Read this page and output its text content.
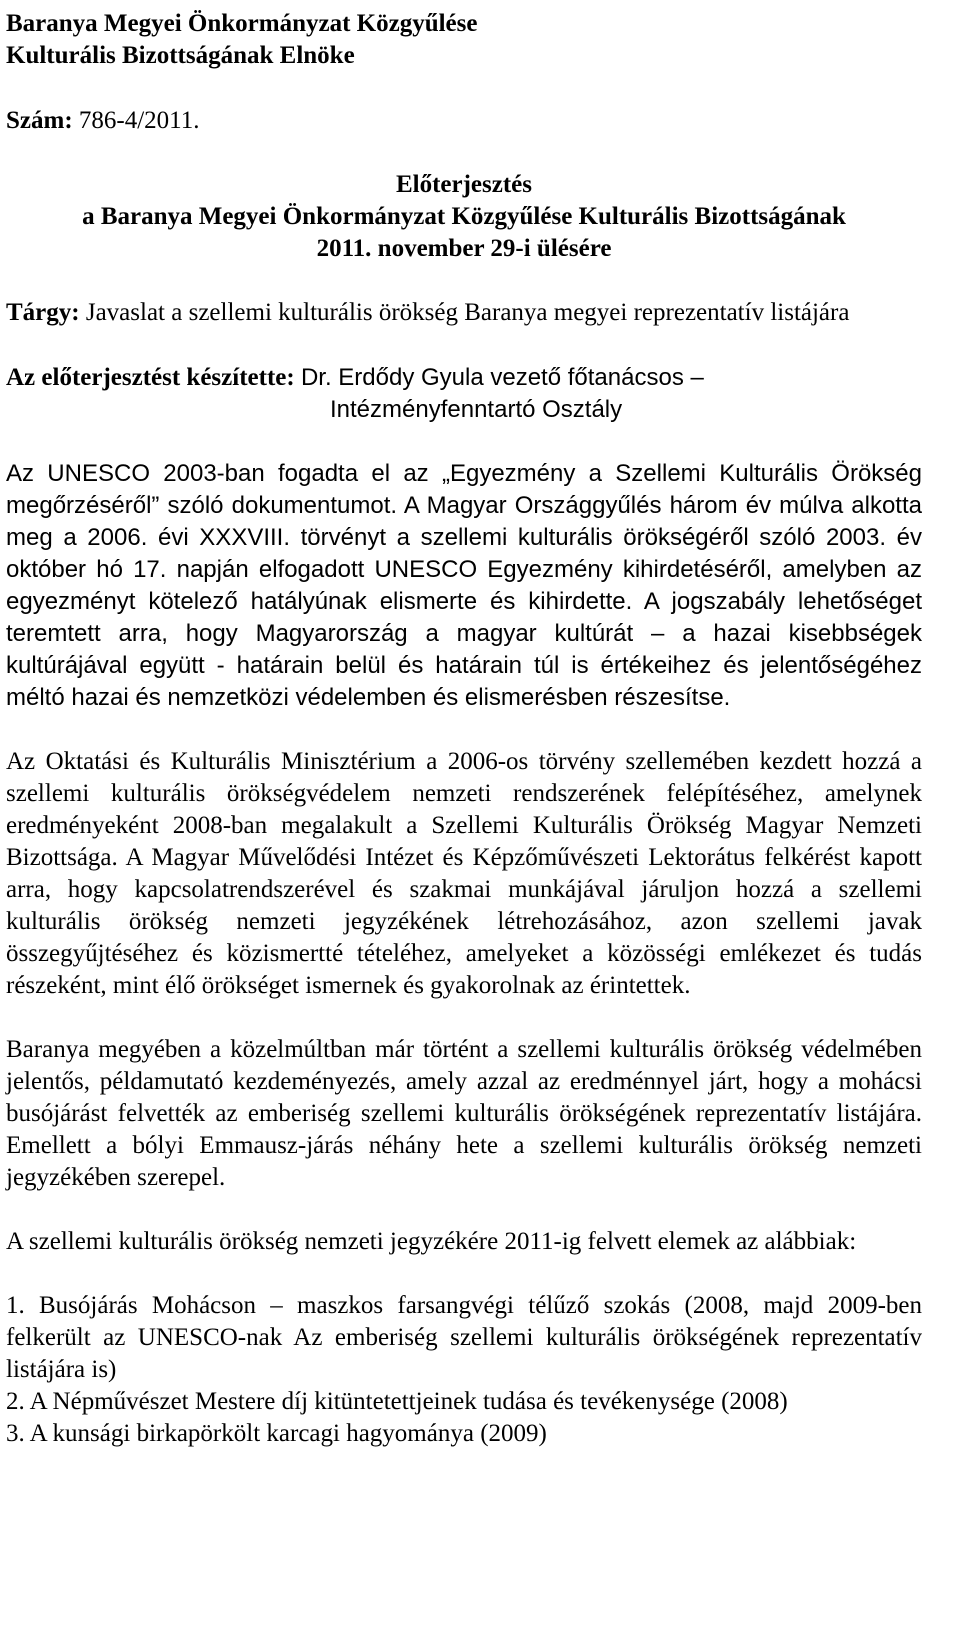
Baranya Megyei Önkormányzat Közgyűlése

Kulturális Bizottságának Elnöke

Szám: 786-4/2011.

Előterjesztés

a Baranya Megyei Önkormányzat Közgyűlése Kulturális Bizottságának

2011. november 29-i ülésére

Tárgy: Javaslat a szellemi kulturális örökség Baranya megyei reprezentatív listájára

Az előterjesztést készítette: Dr. Erdődy Gyula vezető főtanácsos –

Intézményfenntartó Osztály

Az UNESCO 2003-ban fogadta el az „Egyezmény a Szellemi Kulturális Örökség megőrzéséről” szóló dokumentumot. A Magyar Országgyűlés három év múlva alkotta meg a 2006. évi XXXVIII. törvényt a szellemi kulturális örökségéről szóló 2003. év október hó 17. napján elfogadott UNESCO Egyezmény kihirdetéséről, amelyben az egyezményt kötelező hatályúnak elismerte és kihirdette. A jogszabály lehetőséget teremtett arra, hogy Magyarország a magyar kultúrát – a hazai kisebbségek kultúrájával együtt - határain belül és határain túl is értékeihez és jelentőségéhez méltó hazai és nemzetközi védelemben és elismerésben részesítse.

Az Oktatási és Kulturális Minisztérium a 2006-os törvény szellemében kezdett hozzá a szellemi kulturális örökségvédelem nemzeti rendszerének felépítéséhez, amelynek eredményeként 2008-ban megalakult a Szellemi Kulturális Örökség Magyar Nemzeti Bizottsága. A Magyar Művelődési Intézet és Képzőművészeti Lektorátus felkérést kapott arra, hogy kapcsolatrendszerével és szakmai munkájával járuljon hozzá a szellemi kulturális örökség nemzeti jegyzékének létrehozásához, azon szellemi javak összegyűjtéséhez és közismertté tételéhez, amelyeket a közösségi emlékezet és tudás részeként, mint élő örökséget ismernek és gyakorolnak az érintettek.

Baranya megyében a közelmúltban már történt a szellemi kulturális örökség védelmében jelentős, példamutató kezdeményezés, amely azzal az eredménnyel járt, hogy a mohácsi busójárást felvették az emberiség szellemi kulturális örökségének reprezentatív listájára. Emellett a bólyi Emmausz-járás néhány hete a szellemi kulturális örökség nemzeti jegyzékében szerepel.

A szellemi kulturális örökség nemzeti jegyzékére 2011-ig felvett elemek az alábbiak:

1. Busójárás Mohácson – maszkos farsangvégi télűző szokás (2008, majd 2009-ben felkerült az UNESCO-nak Az emberiség szellemi kulturális örökségének reprezentatív listájára is)

2. A Népművészet Mestere díj kitüntetettjeinek tudása és tevékenysége (2008)

3. A kunsági birkapörkölt karcagi hagyománya (2009)
